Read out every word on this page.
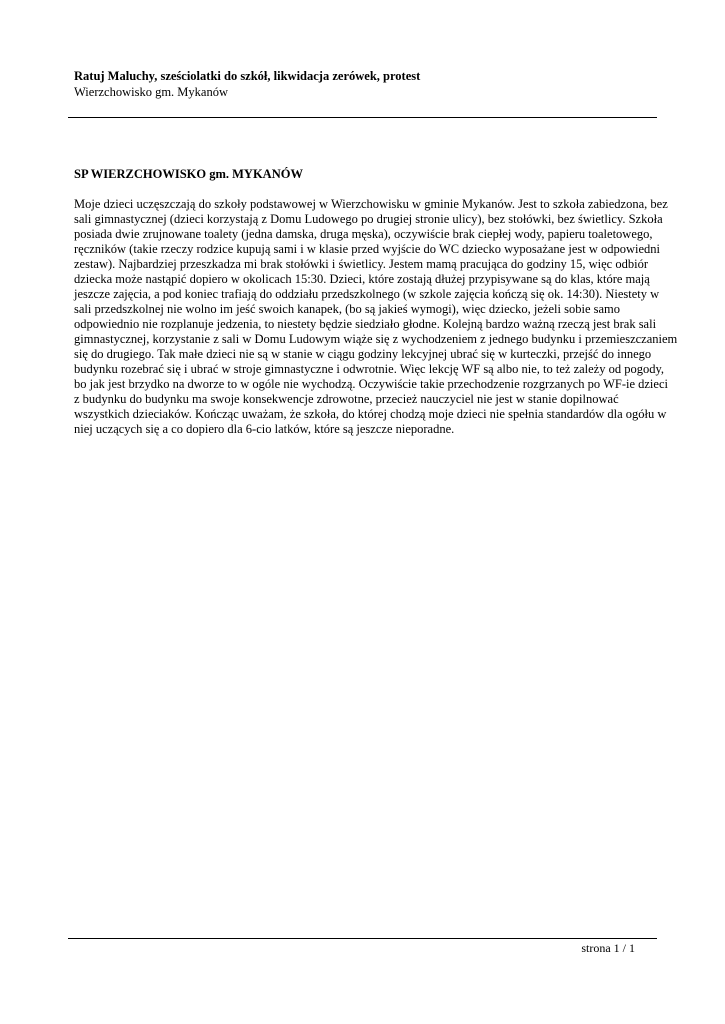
Ratuj Maluchy, sześciolatki do szkół, likwidacja zerówek, protest

Wierzchowisko gm. Mykanów

SP WIERZCHOWISKO gm. MYKANÓW

Moje dzieci uczęszczają do szkoły podstawowej w Wierzchowisku w gminie Mykanów. Jest to szkoła zabiedzona, bez
sali gimnastycznej (dzieci korzystają z Domu Ludowego po drugiej stronie ulicy), bez stołówki, bez świetlicy. Szkoła
posiada dwie zrujnowane toalety (jedna damska, druga męska), oczywiście brak ciepłej wody, papieru toaletowego,
ręczników (takie rzeczy rodzice kupują sami i w klasie przed wyjście do WC dziecko wyposażane jest w odpowiedni
zestaw). Najbardziej przeszkadza mi brak stołówki i świetlicy. Jestem mamą pracująca do godziny 15, więc odbiór
dziecka może nastąpić dopiero w okolicach 15:30. Dzieci, które zostają dłużej przypisywane są do klas, które mają
jeszcze zajęcia, a pod koniec trafiają do oddziału przedszkolnego (w szkole zajęcia kończą się ok. 14:30). Niestety w
sali przedszkolnej nie wolno im jeść swoich kanapek, (bo są jakieś wymogi), więc dziecko, jeżeli sobie samo
odpowiednio nie rozplanuje jedzenia, to niestety będzie siedziało głodne. Kolejną bardzo ważną rzeczą jest brak sali
gimnastycznej, korzystanie z sali w Domu Ludowym wiąże się z wychodzeniem z jednego budynku i przemieszczaniem
się do drugiego. Tak małe dzieci nie są w stanie w ciągu godziny lekcyjnej ubrać się w kurteczki, przejść do innego
budynku rozebrać się i ubrać w stroje gimnastyczne i odwrotnie. Więc lekcję WF są albo nie, to też zależy od pogody,
bo jak jest brzydko na dworze to w ogóle nie wychodzą. Oczywiście takie przechodzenie rozgrzanych po WF-ie dzieci
z budynku do budynku ma swoje konsekwencje zdrowotne, przecież nauczyciel nie jest w stanie dopilnować
wszystkich dzieciaków. Kończąc uważam, że szkoła, do której chodzą moje dzieci nie spełnia standardów dla ogółu w
niej uczących się a co dopiero dla 6-cio latków, które są jeszcze nieporadne.
strona 1 / 1
